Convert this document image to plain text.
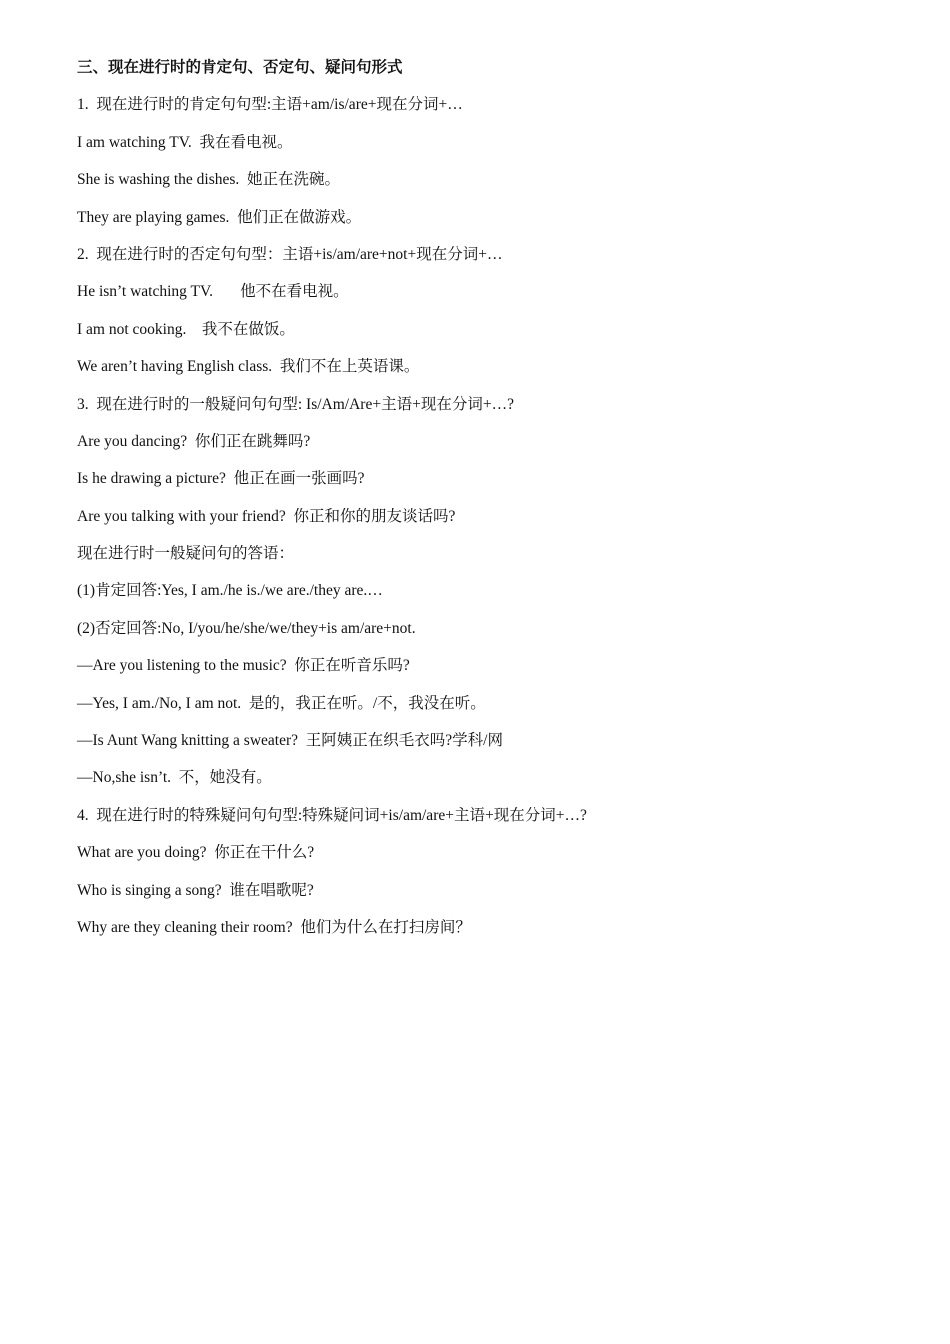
三、现在进行时的肯定句、否定句、疑问句形式
1.  现在进行时的肯定句句型:主语+am/is/are+现在分词+…
I am watching TV.  我在看电视。
She is washing the dishes.  她正在洗碗。
They are playing games.  他们正在做游戏。
2.  现在进行时的否定句句型：主语+is/am/are+not+现在分词+…
He isn’t watching TV.       他不在看电视。
I am not cooking.    我不在做饭。
We aren’t having English class.  我们不在上英语课。
3.  现在进行时的一般疑问句句型: Is/Am/Are+主语+现在分词+…?
Are you dancing?  你们正在跳舞吗?
Is he drawing a picture?  他正在画一张画吗?
Are you talking with your friend?  你正和你的朋友谈话吗?
现在进行时一般疑问句的答语：
(1)肯定回答:Yes, I am./he is./we are./they are.…
(2)否定回答:No, I/you/he/she/we/they+is am/are+not.
—Are you listening to the music?  你正在听音乐吗?
—Yes, I am./No, I am not.  是的，我正在听。/不，我没在听。
—Is Aunt Wang knitting a sweater?  王阿姨正在织毛衣吗?学科/网
—No,she isn’t.  不，她没有。
4.  现在进行时的特殊疑问句句型:特殊疑问词+is/am/are+主语+现在分词+…?
What are you doing?  你正在干什么?
Who is singing a song?  谁在唱歌呢?
Why are they cleaning their room?  他们为什么在打扫房间？
